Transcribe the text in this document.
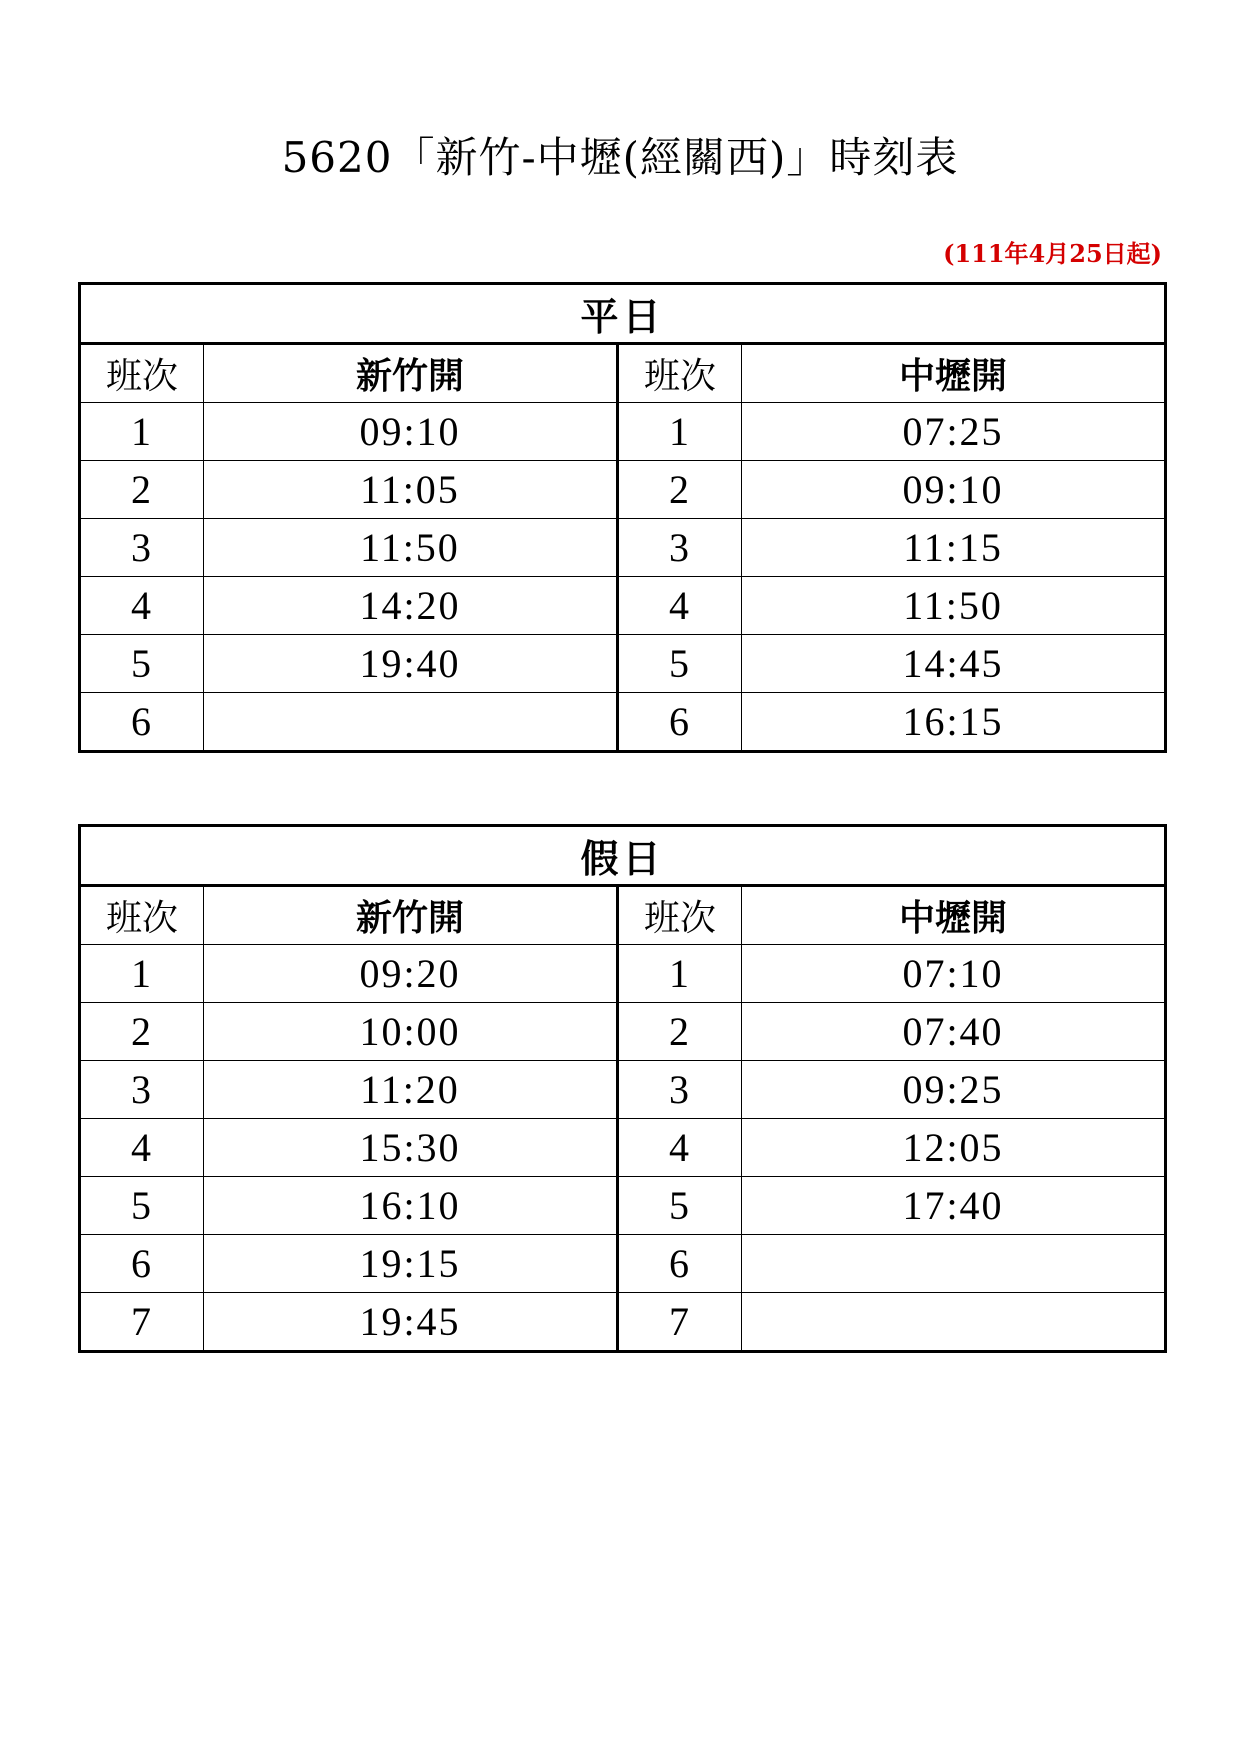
5620「新竹-中壢(經關西)」時刻表
(111年4月25日起)
平日			
班次	新竹開	班次	中壢開
1	09:10	1	07:25
2	11:05	2	09:10
3	11:50	3	11:15
4	14:20	4	11:50
5	19:40	5	14:45
6		6	16:15
假日			
班次	新竹開	班次	中壢開
1	09:20	1	07:10
2	10:00	2	07:40
3	11:20	3	09:25
4	15:30	4	12:05
5	16:10	5	17:40
6	19:15	6	
7	19:45	7	
